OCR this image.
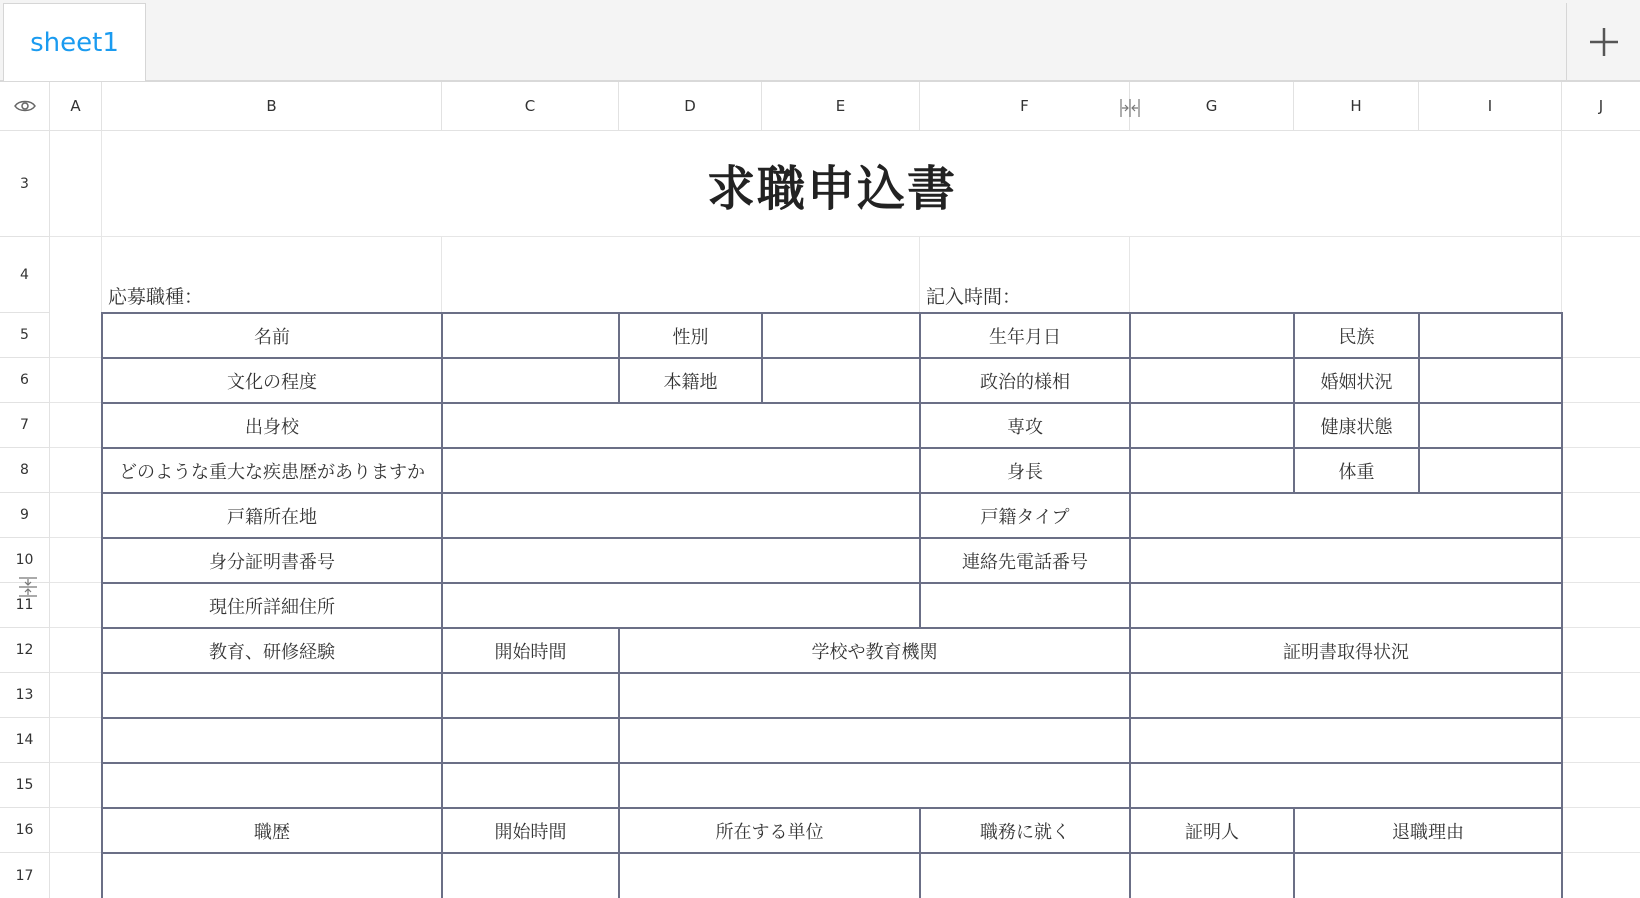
sheet1
A	B	C	D	E	F	G	H	I	J
3
4
5
6
7
8
9
10
11
12
13
14
15
16
17
求職申込書
応募職種：	記入時間：
名前	性別	生年月日	民族
文化の程度	本籍地	政治的様相	婚姻状況
出身校	専攻	健康状態
どのような重大な疾患歴がありますか	身長	体重
戸籍所在地	戸籍タイプ
身分証明書番号	連絡先電話番号
現住所詳細住所
教育、研修経験	開始時間	学校や教育機関	証明書取得状況
職歴	開始時間	所在する単位	職務に就く	証明人	退職理由
